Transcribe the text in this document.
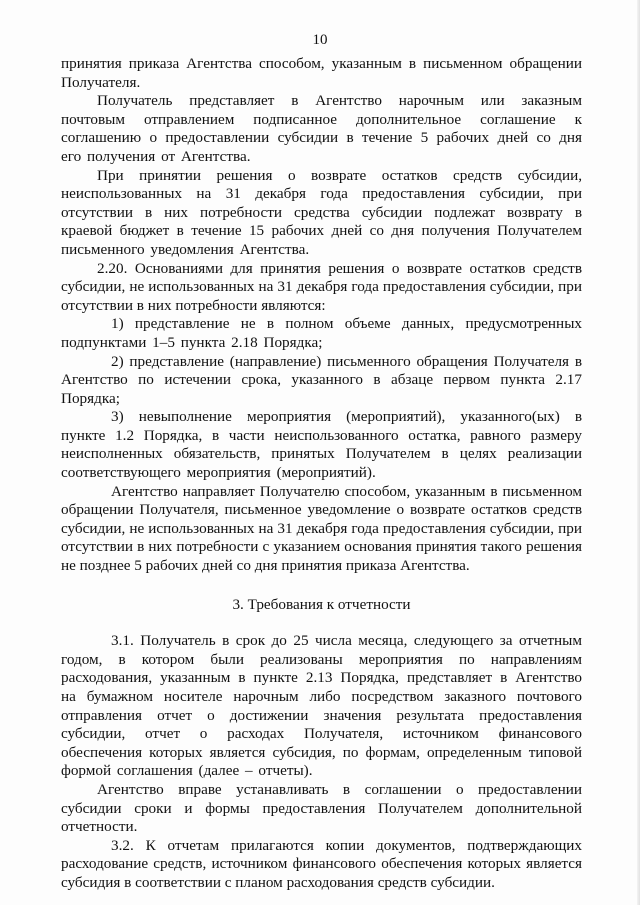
10

принятия приказа Агентства способом, указанным в письменном обращении Получателя.

Получатель представляет в Агентство нарочным или заказным почтовым отправлением подписанное дополнительное соглашение к соглашению о предоставлении субсидии в течение 5 рабочих дней со дня его получения от Агентства.

При принятии решения о возврате остатков средств субсидии, неиспользованных на 31 декабря года предоставления субсидии, при отсутствии в них потребности средства субсидии подлежат возврату в краевой бюджет в течение 15 рабочих дней со дня получения Получателем письменного уведомления Агентства.

2.20. Основаниями для принятия решения о возврате остатков средств субсидии, не использованных на 31 декабря года предоставления субсидии, при отсутствии в них потребности являются:

1) представление не в полном объеме данных, предусмотренных подпунктами 1–5 пункта 2.18 Порядка;

2) представление (направление) письменного обращения Получателя в Агентство по истечении срока, указанного в абзаце первом пункта 2.17 Порядка;

3) невыполнение мероприятия (мероприятий), указанного(ых) в пункте 1.2 Порядка, в части неиспользованного остатка, равного размеру неисполненных обязательств, принятых Получателем в целях реализации соответствующего мероприятия (мероприятий).

Агентство направляет Получателю способом, указанным в письменном обращении Получателя, письменное уведомление о возврате остатков средств субсидии, не использованных на 31 декабря года предоставления субсидии, при отсутствии в них потребности с указанием основания принятия такого решения не позднее 5 рабочих дней со дня принятия приказа Агентства.

3. Требования к отчетности

3.1. Получатель в срок до 25 числа месяца, следующего за отчетным годом, в котором были реализованы мероприятия по направлениям расходования, указанным в пункте 2.13 Порядка, представляет в Агентство на бумажном носителе нарочным либо посредством заказного почтового отправления отчет о достижении значения результата предоставления субсидии, отчет о расходах Получателя, источником финансового обеспечения которых является субсидия, по формам, определенным типовой формой соглашения (далее – отчеты).

Агентство вправе устанавливать в соглашении о предоставлении субсидии сроки и формы предоставления Получателем дополнительной отчетности.

3.2. К отчетам прилагаются копии документов, подтверждающих расходование средств, источником финансового обеспечения которых является субсидия в соответствии с планом расходования средств субсидии.
